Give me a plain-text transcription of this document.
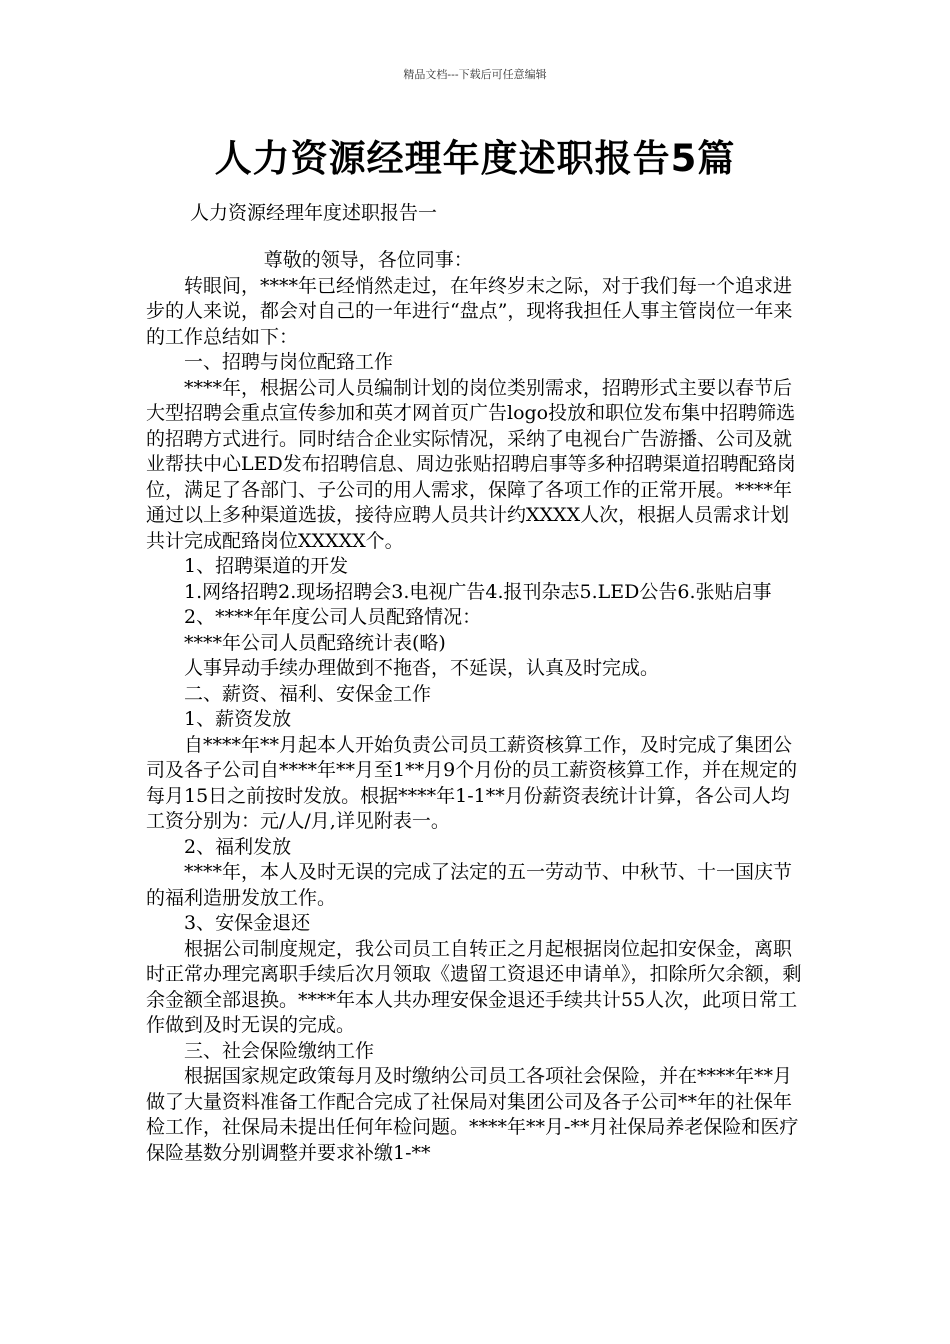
精品文档---下载后可任意编辑
人力资源经理年度述职报告5篇
人力资源经理年度述职报告一

尊敬的领导，各位同事：

转眼间，****年已经悄然走过，在年终岁末之际，对于我们每一个追求进步的人来说，都会对自己的一年进行“盘点”，现将我担任人事主管岗位一年来的工作总结如下：

一、招聘与岗位配臵工作

****年，根据公司人员编制计划的岗位类别需求，招聘形式主要以春节后大型招聘会重点宣传参加和英才网首页广告logo投放和职位发布集中招聘筛选的招聘方式进行。同时结合企业实际情况，采纳了电视台广告游播、公司及就业帮扶中心LED发布招聘信息、周边张贴招聘启事等多种招聘渠道招聘配臵岗位，满足了各部门、子公司的用人需求，保障了各项工作的正常开展。****年通过以上多种渠道选拔，接待应聘人员共计约XXXX人次，根据人员需求计划共计完成配臵岗位XXXXX个。

1、招聘渠道的开发

1.网络招聘2.现场招聘会3.电视广告4.报刊杂志5.LED公告6.张贴启事

2、****年年度公司人员配臵情况：

****年公司人员配臵统计表(略)

人事异动手续办理做到不拖沓，不延误，认真及时完成。

二、薪资、福利、安保金工作

1、薪资发放

自****年**月起本人开始负责公司员工薪资核算工作，及时完成了集团公司及各子公司自****年**月至1**月9个月份的员工薪资核算工作，并在规定的每月15日之前按时发放。根据****年1-1**月份薪资表统计计算，各公司人均工资分别为：元/人/月,详见附表一。

2、福利发放

****年，本人及时无误的完成了法定的五一劳动节、中秋节、十一国庆节的福利造册发放工作。

3、安保金退还

根据公司制度规定，我公司员工自转正之月起根据岗位起扣安保金，离职时正常办理完离职手续后次月领取《遗留工资退还申请单》，扣除所欠余额，剩余金额全部退换。****年本人共办理安保金退还手续共计55人次，此项日常工作做到及时无误的完成。

三、社会保险缴纳工作

根据国家规定政策每月及时缴纳公司员工各项社会保险，并在****年**月做了大量资料准备工作配合完成了社保局对集团公司及各子公司**年的社保年检工作，社保局未提出任何年检问题。****年**月-**月社保局养老保险和医疗保险基数分别调整并要求补缴1-**
